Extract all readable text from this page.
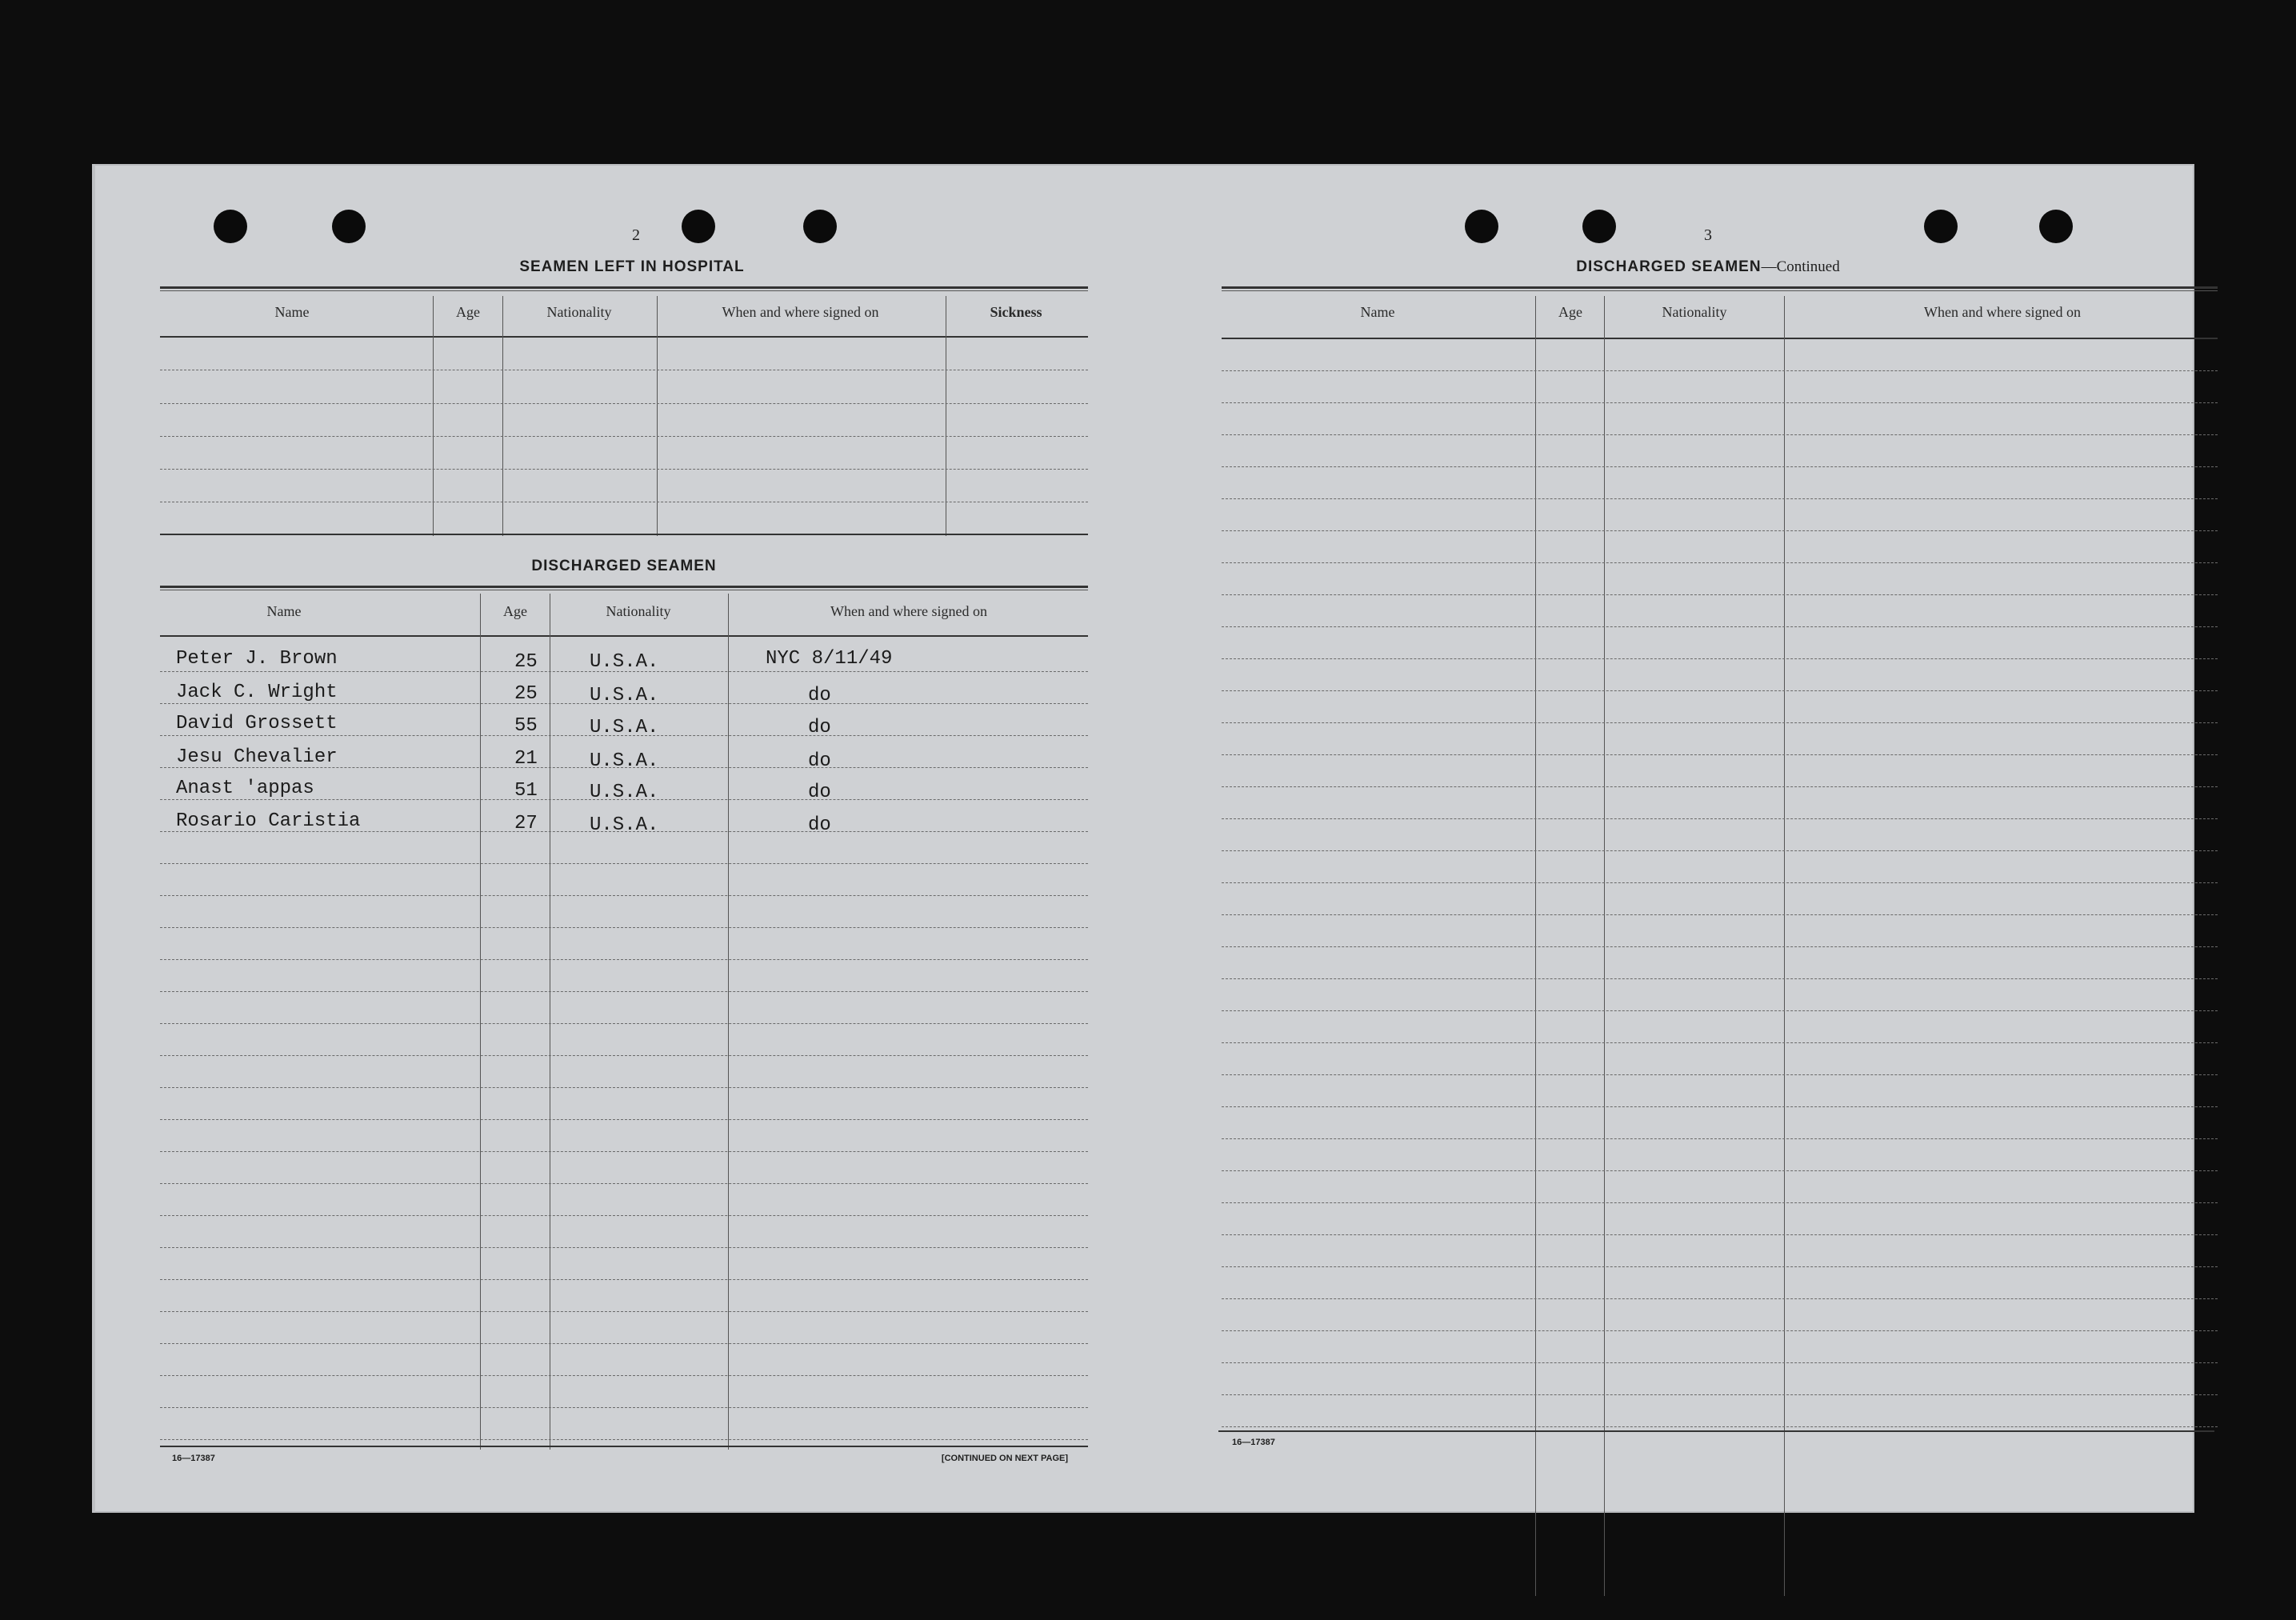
2
SEAMEN LEFT IN HOSPITAL
Name	Age	Nationality	When and where signed on	Sickness
DISCHARGED SEAMEN
Name	Age	Nationality	When and where signed on
Peter J. Brown	25	U.S.A.	NYC 8/11/49
Jack C. Wright	25	U.S.A.	do
David Grossett	55	U.S.A.	do
Jesu Chevalier	21	U.S.A.	do
Anast 'appas	51	U.S.A.	do
Rosario Caristia	27	U.S.A.	do
16—17387	[CONTINUED ON NEXT PAGE]
3
DISCHARGED SEAMEN—Continued
Name	Age	Nationality	When and where signed on
16—17387
